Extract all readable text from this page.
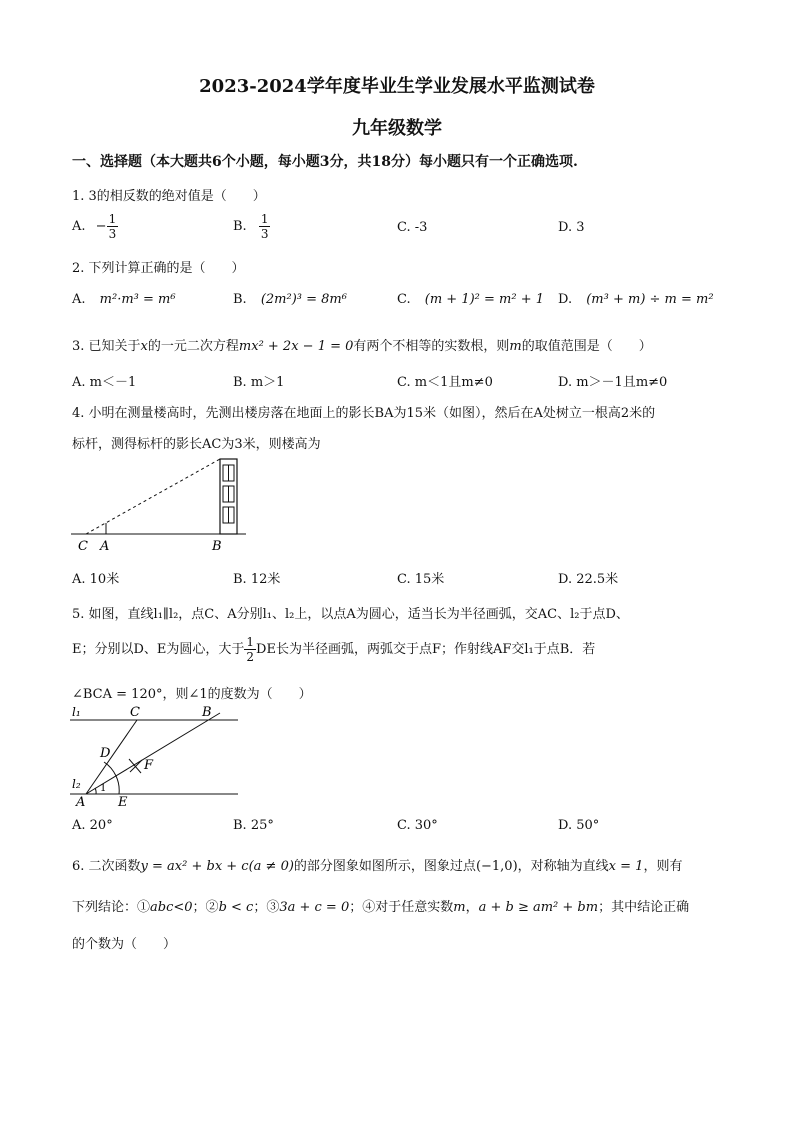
2023-2024学年度毕业生学业发展水平监测试卷
九年级数学
一、选择题（本大题共6个小题，每小题3分，共18分）每小题只有一个正确选项.
1. 3的相反数的绝对值是（　　）
A. − $\frac{1}{3}$	B. $\frac{1}{3}$	C. -3	D. 3
2. 下列计算正确的是（　　）
A. m²·m³ = m⁶	B. (2m²)³ = 8m⁶	C. (m + 1)² = m² + 1 D. (m³ + m) ÷ m = m²
3. 已知关于x的一元二次方程mx² + 2x − 1 = 0有两个不相等的实数根，则m的取值范围是（　　）
A. m＜－1	B. m＞1	C. m＜1且m≠0	D. m＞－1且m≠0
4. 小明在测量楼高时，先测出楼房落在地面上的影长BA为15米（如图），然后在A处树立一根高2米的
标杆，测得标杆的影长AC为3米，则楼高为
C A	B
A. 10米	B. 12米	C. 15米	D. 22.5米
5. 如图，直线l₁∥l₂，点C、A分别l₁、l₂上，以点A为圆心，适当长为半径画弧，交AC、l₂于点D、
E；分别以D、E为圆心，大于 $\frac{1}{2}$ DE长为半径画弧，两弧交于点F；作射线AF交l₁于点B．若
∠BCA = 120°，则∠1的度数为（　　）
l₁	C	B
D
F
l₂ 1
A	E
A. 20°	B. 25°	C. 30°	D. 50°
6. 二次函数y = ax² + bx + c(a ≠ 0)的部分图象如图所示，图象过点(−1,0)，对称轴为直线x = 1，则有
下列结论：①abc<0；②b < c；③3a + c = 0；④对于任意实数m，a + b ≥ am² + bm；其中结论正确
的个数为（　　）
